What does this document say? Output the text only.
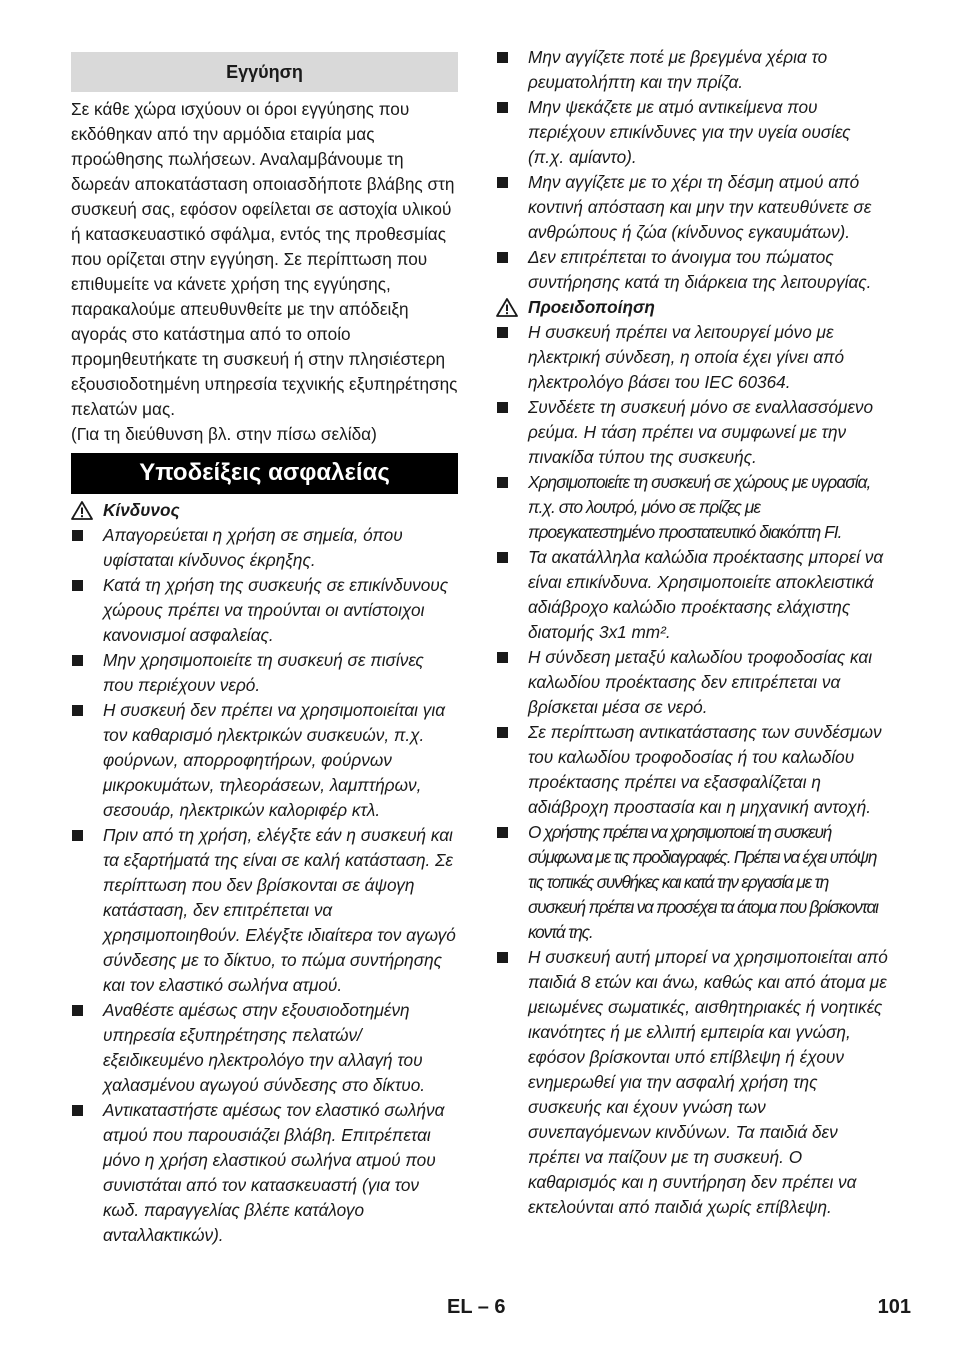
Εγγύηση

Σε κάθε χώρα ισχύουν οι όροι εγγύησης που εκδόθηκαν από την αρμόδια εταιρία μας προώθησης πωλήσεων. Αναλαμβάνουμε τη δωρεάν αποκατάσταση οποιασδήποτε βλάβης στη συσκευή σας, εφόσον οφείλεται σε αστοχία υλικού ή κατασκευαστικό σφάλμα, εντός της προθεσμίας που ορίζεται στην εγγύηση. Σε περίπτωση που επιθυμείτε να κάνετε χρήση της εγγύησης, παρακαλούμε απευθυνθείτε με την απόδειξη αγοράς στο κατάστημα από το οποίο προμηθευτήκατε τη συσκευή ή στην πλησιέστερη εξουσιοδοτημένη υπηρεσία τεχνικής εξυπηρέτησης πελατών μας.

(Για τη διεύθυνση βλ. στην πίσω σελίδα)

Υποδείξεις ασφαλείας
Κίνδυνος
Απαγορεύεται η χρήση σε σημεία, όπου υφίσταται κίνδυνος έκρηξης.
Κατά τη χρήση της συσκευής σε επικίνδυνους χώρους πρέπει να τηρούνται οι αντίστοιχοι κανονισμοί ασφαλείας.
Μην χρησιμοποιείτε τη συσκευή σε πισίνες που περιέχουν νερό.
Η συσκευή δεν πρέπει να χρησιμοποιείται για τον καθαρισμό ηλεκτρικών συσκευών, π.χ. φούρνων, απορροφητήρων, φούρνων μικροκυμάτων, τηλεοράσεων, λαμπτήρων, σεσουάρ, ηλεκτρικών καλοριφέρ κτλ.
Πριν από τη χρήση, ελέγξτε εάν η συσκευή και τα εξαρτήματά της είναι σε καλή κατάσταση. Σε περίπτωση που δεν βρίσκονται σε άψογη κατάσταση, δεν επιτρέπεται να χρησιμοποιηθούν. Ελέγξτε ιδιαίτερα τον αγωγό σύνδεσης με το δίκτυο, το πώμα συντήρησης και τον ελαστικό σωλήνα ατμού.
Αναθέστε αμέσως στην εξουσιοδοτημένη υπηρεσία εξυπηρέτησης πελατών/εξειδικευμένο ηλεκτρολόγο την αλλαγή του χαλασμένου αγωγού σύνδεσης στο δίκτυο.
Αντικαταστήστε αμέσως τον ελαστικό σωλήνα ατμού που παρουσιάζει βλάβη. Επιτρέπεται μόνο η χρήση ελαστικού σωλήνα ατμού που συνιστάται από τον κατασκευαστή (για τον κωδ. παραγγελίας βλέπε κατάλογο ανταλλακτικών).
Μην αγγίζετε ποτέ με βρεγμένα χέρια το ρευματολήπτη και την πρίζα.
Μην ψεκάζετε με ατμό αντικείμενα που περιέχουν επικίνδυνες για την υγεία ουσίες (π.χ. αμίαντο).
Μην αγγίζετε με το χέρι τη δέσμη ατμού από κοντινή απόσταση και μην την κατευθύνετε σε ανθρώπους ή ζώα (κίνδυνος εγκαυμάτων).
Δεν επιτρέπεται το άνοιγμα του πώματος συντήρησης κατά τη διάρκεια της λειτουργίας.
Προειδοποίηση
Η συσκευή πρέπει να λειτουργεί μόνο με ηλεκτρική σύνδεση, η οποία έχει γίνει από ηλεκτρολόγο βάσει του IEC 60364.
Συνδέετε τη συσκευή μόνο σε εναλλασσόμενο ρεύμα. Η τάση πρέπει να συμφωνεί με την πινακίδα τύπου της συσκευής.
Χρησιμοποιείτε τη συσκευή σε χώρους με υγρασία, π.χ. στο λουτρό, μόνο σε πρίζες με προεγκατεστημένο προστατευτικό διακόπτη FI.
Τα ακατάλληλα καλώδια προέκτασης μπορεί να είναι επικίνδυνα. Χρησιμοποιείτε αποκλειστικά αδιάβροχο καλώδιο προέκτασης ελάχιστης διατομής 3x1 mm².
Η σύνδεση μεταξύ καλωδίου τροφοδοσίας και καλωδίου προέκτασης δεν επιτρέπεται να βρίσκεται μέσα σε νερό.
Σε περίπτωση αντικατάστασης των συνδέσμων του καλωδίου τροφοδοσίας ή του καλωδίου προέκτασης πρέπει να εξασφαλίζεται η αδιάβροχη προστασία και η μηχανική αντοχή.
Ο χρήστης πρέπει να χρησιμοποιεί τη συσκευή σύμφωνα με τις προδιαγραφές. Πρέπει να έχει υπόψη τις τοπικές συνθήκες και κατά την εργασία με τη συσκευή πρέπει να προσέχει τα άτομα που βρίσκονται κοντά της.
Η συσκευή αυτή μπορεί να χρησιμοποιείται από παιδιά 8 ετών και άνω, καθώς και από άτομα με μειωμένες σωματικές, αισθητηριακές ή νοητικές ικανότητες ή με ελλιπή εμπειρία και γνώση, εφόσον βρίσκονται υπό επίβλεψη ή έχουν ενημερωθεί για την ασφαλή χρήση της συσκευής και έχουν γνώση των συνεπαγόμενων κινδύνων. Τα παιδιά δεν πρέπει να παίζουν με τη συσκευή. Ο καθαρισμός και η συντήρηση δεν πρέπει να εκτελούνται από παιδιά χωρίς επίβλεψη.
EL – 6	101
